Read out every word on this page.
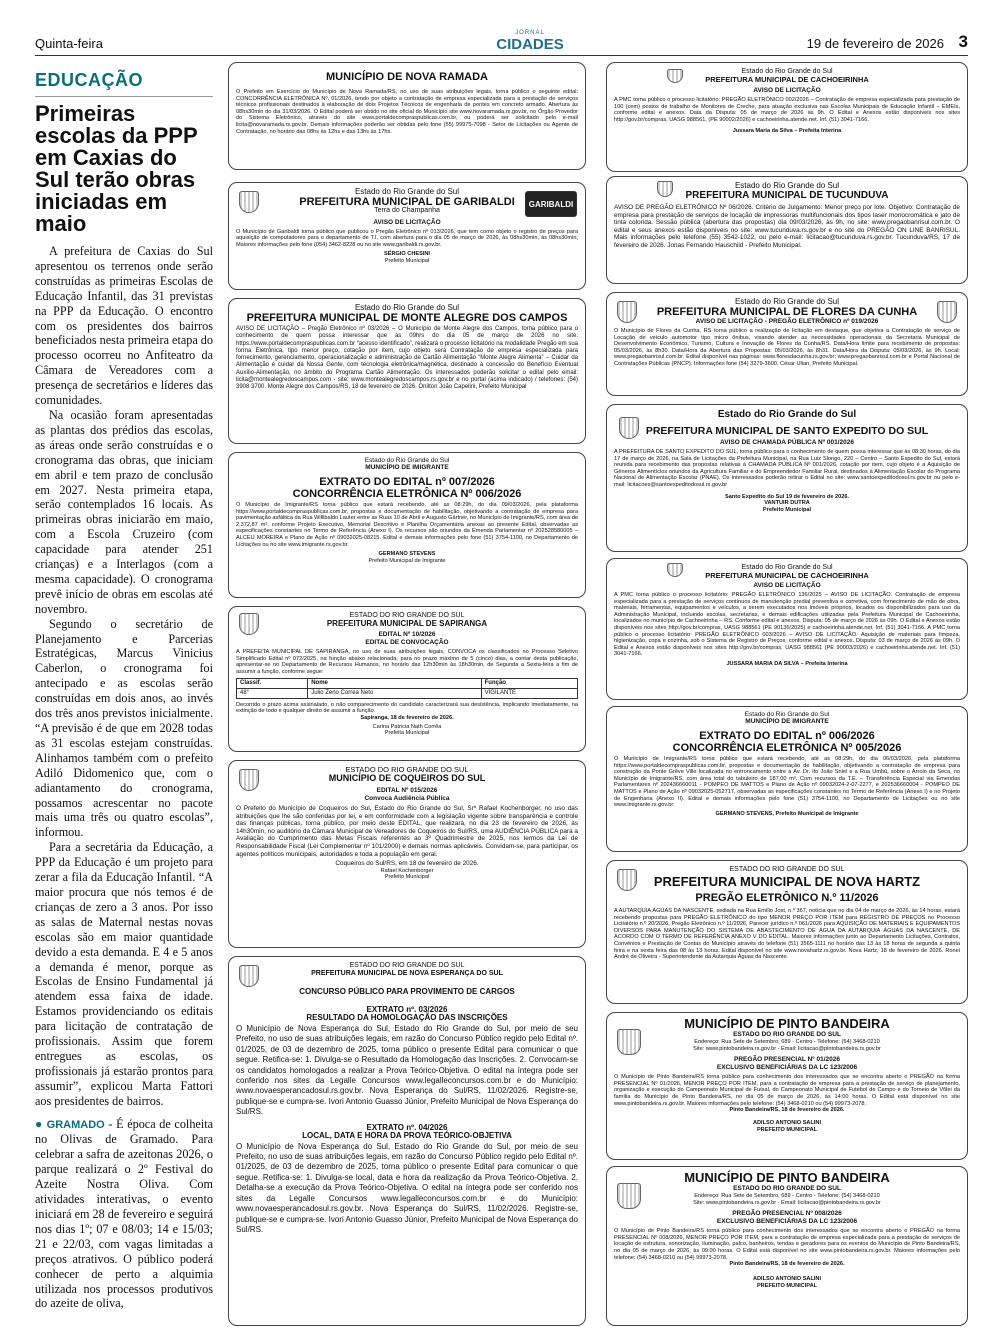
Quinta-feira
JORNAL
CIDADES	19 de fevereiro de 2026 3
EDUCAÇÃO
Primeiras escolas da PPP em Caxias do Sul terão obras iniciadas em maio

A prefeitura de Caxias do Sul apresentou os terrenos onde serão construídas as primeiras Escolas de Educação Infantil, das 31 previstas na PPP da Educação. O encontro com os presidentes dos bairros beneficiados nesta primeira etapa do processo ocorreu no Anfiteatro da Câmara de Vereadores com a presença de secretários e líderes das comunidades.

Na ocasião foram apresentadas as plantas dos prédios das escolas, as áreas onde serão construídas e o cronograma das obras, que iniciam em abril e tem prazo de conclusão em 2027. Nesta primeira etapa, serão contemplados 16 locais. As primeiras obras iniciarão em maio, com a Escola Cruzeiro (com capacidade para atender 251 crianças) e a Interlagos (com a mesma capacidade). O cronograma prevê início de obras em escolas até novembro.

Segundo o secretário de Planejamento e Parcerias Estratégicas, Marcus Vinicius Caberlon, o cronograma foi antecipado e as escolas serão construídas em dois anos, ao invés dos três anos previstos inicialmente. “A previsão é de que em 2028 todas as 31 escolas estejam construídas. Alinhamos também com o prefeito Adiló Didomenico que, com o adiantamento do cronograma, possamos acrescentar no pacote mais uma três ou quatro escolas”, informou.

Para a secretária da Educação, a PPP da Educação é um projeto para zerar a fila da Educação Infantil. “A maior procura que nós temos é de crianças de zero a 3 anos. Por isso as salas de Maternal nestas novas escolas são em maior quantidade devido a esta demanda. E 4 e 5 anos a demanda é menor, porque as Escolas de Ensino Fundamental já atendem essa faixa de idade. Estamos providenciando os editais para licitação de contratação de profissionais. Assim que forem entregues as escolas, os profissionais já estarão prontos para assumir”, explicou Marta Fattori aos presidentes de bairros.

● GRAMADO - É época de colheita no Olivas de Gramado. Para celebrar a safra de azeitonas 2026, o parque realizará o 2º Festival do Azeite Nostra Oliva. Com atividades interativas, o evento iniciará em 28 de fevereiro e seguirá nos dias 1º; 07 e 08/03; 14 e 15/03; 21 e 22/03, com vagas limitadas a preços atrativos. O público poderá conhecer de perto a alquimia utilizada nos processos produtivos do azeite de oliva,

MUNICÍPIO DE NOVA RAMADA
O Prefeito em Exercício do Município de Nova Ramada/RS, no uso de suas atribuições legais, torna público o seguinte edital: CONCORRÊNCIA ELETRÔNICA Nº. 01/2026, tendo por objeto a contratação de empresa especializada para a prestação de serviços técnicos profissionais destinados à elaboração de dois Projetos Técnicos de engenharia de pontes em concreto armado. Abertura às 08hs30min do dia 31/03/2026. O Edital poderá ser obtido no site oficial do Município site www.novaramada.rs.gov.br, no Órgão Provedor do Sistema Eletrônico, através do site www.portaldecompraspublicas.com.br, ou poderá ser solicitado pelo e-mail licita@novaramada.rs.gov.br. Demais informações poderão ser obtidas pelo fone (55) 99975-7098 - Setor de Licitações ou Agente de Contratação, no horário das 08hs às 12hs e das 13hs às 17hs.
GARIBALDI
Estado do Rio Grande do Sul
PREFEITURA MUNICIPAL DE GARIBALDI
Terra do Champanha
AVISO DE LICITAÇÃO
O Município de Garibaldi torna público que publicou o Pregão Eletrônico nº 013/2026, que tem como objeto o registro de preços para aquisição de computadores para o departamento de T.I, com abertura para o dia 05 de março de 2026, às 08hs30min, às 08hs30min; Maiores informações pelo fone (054) 3462-8228 ou no site www.garibaldi.rs.gov.br.
SÉRGIO CHESINI
Prefeito Municipal
Estado do Rio Grande do Sul
PREFEITURA MUNICIPAL DE MONTE ALEGRE DOS CAMPOS
AVISO DE LICITAÇÃO – Pregão Eletrônico nº 03/2026 – O Município de Monte Alegre dos Campos, torna público para o conhecimento de quem possa interessar que às 09hrs do dia 05 de março de 2026 no site: https://www.portaldecompraspublicas.com.br “acesso identificado”, realizará o processo licitatório na modalidade Pregão em sua forma Eletrônica, tipo menor preço, cotação por item, cujo objeto será Contratação de empresa especializada para fornecimento, gerenciamento, operacionalização e administração de Cartão Alimentação “Monte Alegre Alimenta” – Cuidar da Alimentação é cuidar da Nossa Gente, com tecnologia eletrônica/magnética, destinado à concessão do Benefício Eventual Auxílio-Alimentação, no âmbito do Programa Cartão Alimentação. Os interessados poderão solicitar o edital pelo email: licita@montealegredoscampos.com - site: www.montealegredoscampos.rs.gov.br e no portal (acima indicado) / telefones: (54) 3908 3700. Monte Alegre dos Campos/RS, 18 de fevereiro de 2026. Onilton João Capelini, Prefeito Municipal
Estado do Rio Grande do Sul
MUNICÍPIO DE IMIGRANTE
EXTRATO DO EDITAL nº 007/2026
CONCORRÊNCIA ELETRÔNICA Nº 006/2026
O Município de Imigrante/RS torna público que estará recebendo, até as 08:29h, do dia 09/03/2026, pela plataforma https://www.portaldecompraspublicas.com.br, propostas e documentação de habilitação, objetivando a contratação de empresa para pavimentação asfáltica da Rua Willibaldo Lauter entre as Ruas 10 de Abril e Augusto Gärtner, no Município de Imigrante/RS, com área de 2.372,87 m², conforme Projeto Executivo, Memorial Descritivo e Planilha Orçamentária anexas ao presente Edital, observadas as especificações constantes no Termo de Referência (Anexo I). Os recursos são oriundos da Emenda Parlamentar nº 202528580005 – ALCEU MOREIRA e Plano de Ação nº 09032025-08215. Edital e demais informações pelo fone (51) 3754-1100, no Departamento de Licitações ou no site www.imigrante.rs.gov.br.
GERMANO STEVENS
Prefeito Municipal de Imigrante
ESTADO DO RIO GRANDE DO SUL
PREFEITURA MUNICIPAL DE SAPIRANGA
EDITAL Nº 10/2026
EDITAL DE CONVOCAÇÃO
A PREFEITA MUNICIPAL DE SAPIRANGA, no uso de suas atribuições legais, CONVOCA os classificados no Processo Seletivo Simplificado Edital nº 072/2025, na função abaixo relacionada, para no prazo máximo de 5 (cinco) dias, a contar desta publicação, apresentar-se no Departamento de Recursos Humanos, no horário das 12h30min às 18h30min, de Segunda a Sexta-feira a fim de assumir a função, conforme segue:
Classif.	Nome	Função
48°	Julio Zeno Correa Neto	VIGILANTE
Decorrido o prazo acima assinalado, o não comparecimento do candidato caracterizará sua desistência, implicando imediatamente, na extinção de todo e qualquer direito de assumir a função.
Sapiranga, 18 de fevereiro de 2026.
Carina Patricia Nath Corrêa
Prefeita Municipal
ESTADO DO RIO GRANDE DO SUL
MUNICÍPIO DE COQUEIROS DO SUL
EDITAL Nº 015/2026
Convoca Audiência Pública
O Prefeito do Município de Coqueiros do Sul, Estado do Rio Grande do Sul, Srº Rafael Kochenborger, no uso das atribuições que lhe são conferidas por lei, e em conformidade com a legislação vigente sobre transparência e controle das finanças públicas, torna público, por meio deste EDITAL, que realizará, no dia 23 de fevereiro de 2026, às 14h30min, no auditório da Câmara Municipal de Vereadores de Coqueiros do Sul/RS, uma AUDIÊNCIA PÚBLICA para a Avaliação do Cumprimento das Metas Fiscais referentes ao 3º Quadrimestre de 2025, nos termos da Lei de Responsabilidade Fiscal (Lei Complementar nº 101/2000) e demais normas aplicáveis. Convidam-se, para participar, os agentes políticos municipais, autoridades e toda a população em geral.
Coqueiros do Sul/RS, em 18 de fevereiro de 2026.
Rafael Kochenborger
Prefeito Municipal
ESTADO DO RIO GRANDE DO SUL
PREFEITURA MUNICIPAL DE NOVA ESPERANÇA DO SUL
CONCURSO PÚBLICO PARA PROVIMENTO DE CARGOS
EXTRATO nº. 03/2026
RESULTADO DA HOMOLOGAÇÃO DAS INSCRIÇÕES
O Município de Nova Esperança do Sul, Estado do Rio Grande do Sul, por meio de seu Prefeito, no uso de suas atribuições legais, em razão do Concurso Público regido pelo Edital nº. 01/2025, de 03 de dezembro de 2025, torna público o presente Edital para comunicar o que segue. Retifica-se: 1. Divulga-se o Resultado da Homologação das Inscrições. 2. Convocam-se os candidatos homologados a realizar a Prova Teórico-Objetiva. O edital na íntegra pode ser conferido nos sites da Legalle Concursos www.legalleconcursos.com.br e do Município: www.novaesperancadosul.rs.gov.br. Nova Esperança do Sul/RS, 11/02/2026. Registre-se, publique-se e cumpra-se. Ivori Antonio Guasso Júnior, Prefeito Municipal de Nova Esperança do Sul/RS.
EXTRATO nº. 04/2026
LOCAL, DATA E HORA DA PROVA TEÓRICO-OBJETIVA
O Município de Nova Esperança do Sul, Estado do Rio Grande do Sul, por meio de seu Prefeito, no uso de suas atribuições legais, em razão do Concurso Público regido pelo Edital nº. 01/2025, de 03 de dezembro de 2025, torna público o presente Edital para comunicar o que segue. Retifica-se: 1. Divulga-se local, data e hora da realização da Prova Teórico-Objetiva. 2. Detalha-se a execução da Prova Teórico-Objetiva. O edital na íntegra pode ser conferido nos sites da Legalle Concursos www.legalleconcursos.com.br e do Município: www.novaesperancadosul.rs.gov.br. Nova Esperança do Sul/RS, 11/02/2026. Registre-se, publique-se e cumpra-se. Ivori Antonio Guasso Júnior, Prefeito Municipal de Nova Esperança do Sul/RS.
Estado do Rio Grande do Sul
PREFEITURA MUNICIPAL DE CACHOEIRINHA
AVISO DE LICITAÇÃO
A PMC torna público o processo licitatório: PREGÃO ELETRÔNICO 002/2026 – Contratação de empresa especializada para prestação de 100 (cem) postos de trabalho de Monitores de Creche, para atuação exclusiva nas Escolas Municipais de Educação Infantil – EMEIs, conforme edital e anexos. Data da Disputa: 05 de março de 2026 às 9h. O Edital e Anexos estão disponíveis nos sites http://gov.br/compras, UASG 988561, (PE 90002/2026) e cachoeirinha.atende.net. Inf. (51) 3041-7166.
Jussara Maria da Silva – Prefeita Interina
Estado do Rio Grande do Sul
PREFEITURA MUNICIPAL DE TUCUNDUVA
AVISO DE PREGÃO ELETRÔNICO Nº 06/2026. Critério de Julgamento: Menor preço por lote. Objetivo: Contratação de empresa para prestação de serviços de locação de impressoras multifuncionais dos tipos laser monocromática e jato de tinta colorida. Sessão pública (abertura das propostas) dia 09/03/2026, às 9h, no site: www.pregaobanrisul.com.br. O edital e seus anexos estão disponíveis no site: www.tucunduva.rs.gov.br e no site do PREGÃO ON LINE BANRISUL. Mais informações pelo telefone (55) 3542-1022, ou pelo e-mail: licitacao@tucunduva.rs.gov.br. Tucunduva/RS, 17 de fevereiro de 2026. Jonas Fernando Hauschild - Prefeito Municipal.
Estado do Rio Grande do Sul
PREFEITURA MUNICIPAL DE FLORES DA CUNHA
AVISO DE LICITAÇÃO - PREGÃO ELETRÔNICO nº 019/2026
O Município de Flores da Cunha, RS torna público a realização de licitação em destaque, que objetiva a Contratação de serviço de Locação de veículo automotor tipo micro ônibus, visando atender as necessidades operacionais da Secretaria Municipal de Desenvolvimento Econômico, Turismo, Cultura e Inovação de Flores da Cunha/RS. Data/Hora limite para recebimento de propostas: 05/03/2026, às 8h30. Data/Hora da Abertura das Propostas: 05/03/2026, às 8h31. Data/Hora da Disputa: 05/03/2026, às 9h. Local: www.pregaobanrisul.com.br. Edital disponível nas páginas: www.floresdacunha.rs.gov.br; www.pregaobanrisul.com.br e Portal Nacional de Contratações Públicas (PNCP). Informações fone (54) 3279-3600. César Ulian, Prefeito Municipal.
Estado do Rio Grande do Sul
PREFEITURA MUNICIPAL DE SANTO EXPEDITO DO SUL
AVISO DE CHAMADA PÚBLICA Nº 001/2026
A PREFEITURA DE SANTO EXPEDITO DO SUL, torna público para o conhecimento de quem possa interessar que às 08:30 horas, do dia 17 de março de 2026, na Sala de Licitações da Prefeitura Municipal, na Rua Luiz Slongo, 220 – Centro – Santo Expedito do Sul, estará reunida para recebimento das propostas relativas à CHAMADA PÚBLICA Nº 001/2026, cotação por item, cujo objeto é a Aquisição de Gêneros Alimentícios oriundos da Agricultura Familiar e do Empreendedor Familiar Rural, destinados à Alimentação Escolar do Programa Nacional de Alimentação Escolar (PNAE). Os interessados poderão retirar o Edital no site: www.santoexpeditodosul.rs.gov.br ou pelo e-mail: licitacoes@santoexpeditodosul.rs.gov.br
Santo Expedito do Sul 19 de fevereiro de 2026.
VANTUIR DUTRA
Prefeito Municipal
Estado do Rio Grande do Sul
PREFEITURA MUNICIPAL DE CACHOEIRINHA
AVISO DE LICITAÇÃO
A PMC torna público o processo licitatório: PREGÃO ELETRÔNICO 136/2025 – AVISO DE LICITAÇÃO. Contratação de empresa especializada para a prestação de serviços contínuos de manutenção predial preventiva e corretiva, com fornecimento de mão de obra, materiais, ferramentas, equipamentos e veículos, a serem executados nos imóveis próprios, locados ou disponibilizados para uso da Administração Municipal, incluindo escolas, secretarias, e demais edificações utilizadas pela Prefeitura Municipal de Cachoeirinha, localizados no município de Cachoeirinha – RS. Conforme edital e anexos. Disputa: 05 de março de 2026 às 09h. O Edital e Anexos estão disponíveis nos sites http://gov.br/compras, UASG 988561 (PE 90136/2025) e cachoeirinha.atende.net. Inf. (51) 3041-7166. A PMC torna público o processo licitatório: PREGÃO ELETRÔNICO 003/2026 – AVISO DE LICITAÇÃO. Aquisição de materiais para limpeza, higienização, copa e cozinha, sob o Sistema de Registro de Preços, conforme edital e anexos. Disputa: 03 de março de 2026 às 09h. O Edital e Anexos estão disponíveis nos sites http://gov.br/compras, UASG 988561 (PE 90003/2026) e cachoeirinha.atende.net. Inf. (51) 3041-7166.
JUSSARA MARIA DA SILVA – Prefeita Interina
Estado do Rio Grande do Sul
MUNICÍPIO DE IMIGRANTE
EXTRATO DO EDITAL nº 006/2026
CONCORRÊNCIA ELETRÔNICA Nº 005/2026
O Município de Imigrante/RS torna público que estará recebendo, até as 08:29h, do dia 06/03/2026, pela plataforma https://www.portaldecompraspublicas.com.br, propostas e documentação de habilitação, objetivando a contratação de empresa para construção da Ponte Grêve Ville localizada no entroncamento entre a Av. Dr. Ito João Sniel e a Rua Umbú, sobre o Arroio da Seca, no Município de Imigrante/RS, com área total do tabuleiro de 187,00 m². Com recursos da T.E. – Transferência Especial via Emendas Parlamentares nº 202436660011 - POMPEO DE MATTOS e Plano de Ação nº 09032024-2-07-2277, e 202536660004 - POMPEO DE MATTOS e Plano de Ação nº 09032025-052717, observadas as especificações constantes no Termo de Referência (Anexo I) e no Projeto de Engenharia (Anexo II). Edital e demais informações pelo fone (51) 3754-1100, no Departamento de Licitações ou no site www.imigrante.rs.gov.br.
GERMANO STEVENS, Prefeito Municipal de Imigrante
ESTADO DO RIO GRANDE DO SUL
PREFEITURA MUNICIPAL DE NOVA HARTZ
PREGÃO ELETRÔNICO N.º 11/2026
A AUTARQUIA ÁGUAS DA NASCENTE, sediada na Rua Emílio Jost, n.º 367, notícia que no dia 04 de março de 2026, às 14 horas, estará recebendo propostas para PREGÃO ELETRÔNICO do tipo MENOR PREÇO POR ITEM para REGISTRO DE PREÇOS no Processo Licitatório n.º 20/2026, Pregão Eletrônico n.º 11/2026, Parecer jurídico n.º 061/2026 para AQUISIÇÃO DE MATERIAIS E EQUIPAMENTOS DIVERSOS PARA MANUTENÇÃO DO SISTEMA DE ABASTECIMENTO DE ÁGUA DA AUTARQUIA ÁGUAS DA NASCENTE, DE ACORDO COM O TERMO DE REFERÊNCIA ANEXO V DO EDITAL. Maiores informações junto ao Departamento Licitações, Contratos, Convênios e Prestação de Contas do Município através do telefone (51) 3565-1111 no horário das 13 às 18 horas de segunda a quinta feira e na sexta feira das 08 às 13 horas. Edital disponível no site www.novahartz.rs.gov.br. Nova Hartz, 18 de fevereiro de 2026. Ronei André de Oliveira - Superintendente da Autarquia Águas da Nascente.
MUNICÍPIO DE PINTO BANDEIRA
ESTADO DO RIO GRANDE DO SUL
Endereço: Rua Sete de Setembro, 689 - Centro - Telefone: (54) 3468-0210
Site: www.pintobandeira.rs.gov.br - Email: licitacao@pintobandeira.rs.gov.br
PREGÃO PRESENCIAL Nº 01/2026
EXCLUSIVO BENEFICIÁRIAS DA LC 123/2006
O Município de Pinto Bandeira/RS torna público para conhecimento dos interessados que se encontra aberto o PREGÃO na forma PRESENCIAL Nº 01/2026, MENOR PREÇO POR ITEM, para a contratação de empresa para a prestação de serviço de planejamento, organização e execução do Campeonato Municipal de Futsal, do Campeonato Municipal de Futebol de Campo e do Torneio de Vôlei da família do Município de Pinto Bandeira/RS, no dia 05 de março de 2026, às 14:00 horas. O Edital está disponível no site www.pintobandeira.rs.gov.br. Maiores informações pelo telefone: (54) 3468-0210 ou (54) 99973-2078.
Pinto Bandeira/RS, 18 de fevereiro de 2026.
ADILSO ANTONIO SALINI
PREFEITO MUNICIPAL
MUNICÍPIO DE PINTO BANDEIRA
ESTADO DO RIO GRANDE DO SUL
Endereço: Rua Sete de Setembro, 689 - Centro - Telefone: (54) 3468-0210
Site: www.pintobandeira.rs.gov.br - Email: licitacao@pintobandeira.rs.gov.br
PREGÃO PRESENCIAL Nº 008/2026
EXCLUSIVO BENEFICIÁRIAS DA LC 123/2006
O Município de Pinto Bandeira/RS torna público para conhecimento dos interessados que se encontra aberto o PREGÃO na forma PRESENCIAL Nº 008/2026, MENOR PREÇO POR ITEM, para a contratação de empresa especializada para a prestação de serviços de locação de estrutura, sonorização, iluminação, palco, banheiros, tendas e geradores para os eventos do Município de Pinto Bandeira/RS, no dia 05 de março de 2026, às 09:00 horas. O Edital está disponível no site www.pintobandeira.rs.gov.br. Maiores informações pelo telefone: (54) 3468-0210 ou (54) 99973-2078.
Pinto Bandeira/RS, 18 de fevereiro de 2026.
ADILSO ANTONIO SALINI
PREFEITO MUNICIPAL
